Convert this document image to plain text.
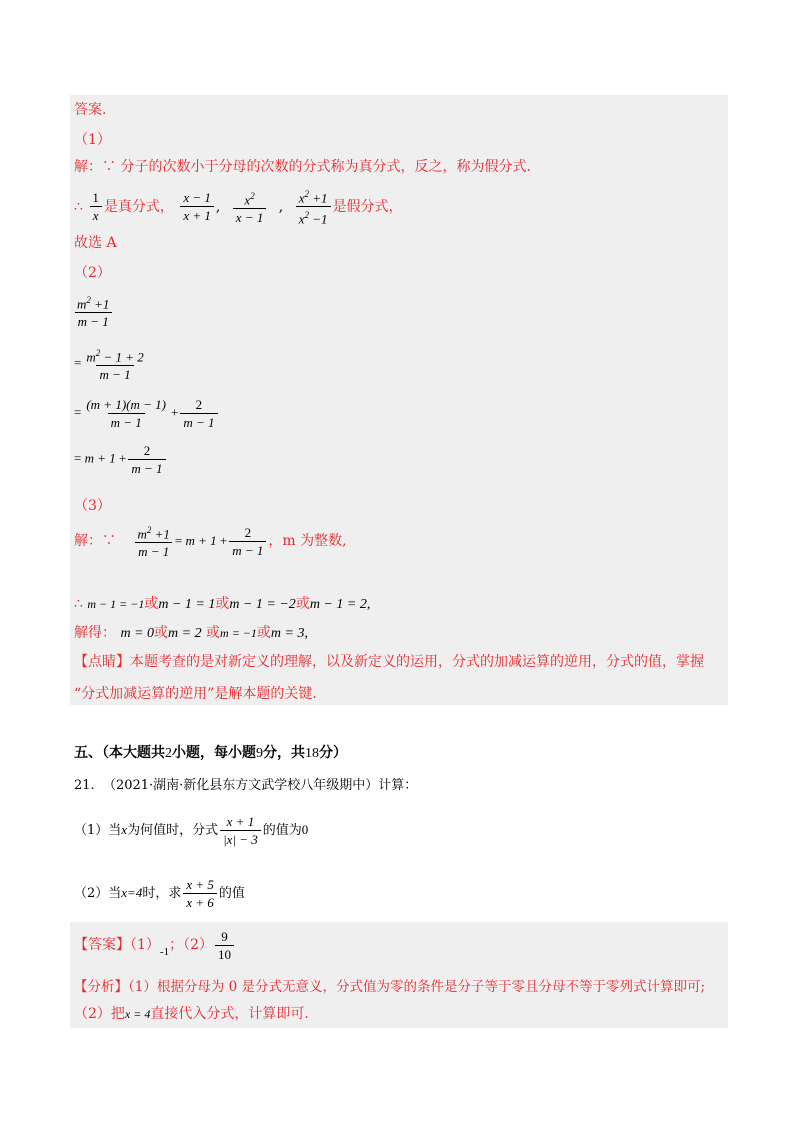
答案.
（1）
解：∵ 分子的次数小于分母的次数的分式称为真分式，反之，称为假分式.
∴ $\frac{1}{x}$ 是真分式， $\frac{x - 1}{x + 1}$ , $\frac{x^2}{x - 1}$ , $\frac{x^2 +1}{x^2 -1}$ 是假分式，
故选 A
（2）
$\frac{m^2 +1}{m - 1}$
= $\frac{m^2 - 1 + 2}{m - 1}$
= $\frac{(m + 1)(m - 1)}{m - 1} + \frac{2}{m - 1}$
= $m + 1 + \frac{2}{m - 1}$
（3）
解：∵ $\frac{m^2 +1}{m - 1} = m + 1 + \frac{2}{m - 1}$ ，m 为整数,
∴ m − 1 = −1或m − 1 = 1或m − 1 = −2或m − 1 = 2,
解得： m = 0或m = 2 或m = −1或m = 3,
【点睛】本题考查的是对新定义的理解，以及新定义的运用，分式的加减运算的逆用，分式的值，掌握
“分式加减运算的逆用”是解本题的关键.
五、（本大题共2小题，每小题9分，共18分）
21. （2021·湖南·新化县东方文武学校八年级期中）计算：
（1）当x为何值时，分式 $\frac{x + 1}{|x| - 3}$ 的值为0
（2）当x=4时，求 $\frac{x + 5}{x + 6}$ 的值
【答案】$(1)_{-1}$；$(2) \frac{9}{10}$
【分析】（1）根据分母为 0 是分式无意义，分式值为零的条件是分子等于零且分母不等于零列式计算即可;
（2）把x = 4直接代入分式，计算即可.
